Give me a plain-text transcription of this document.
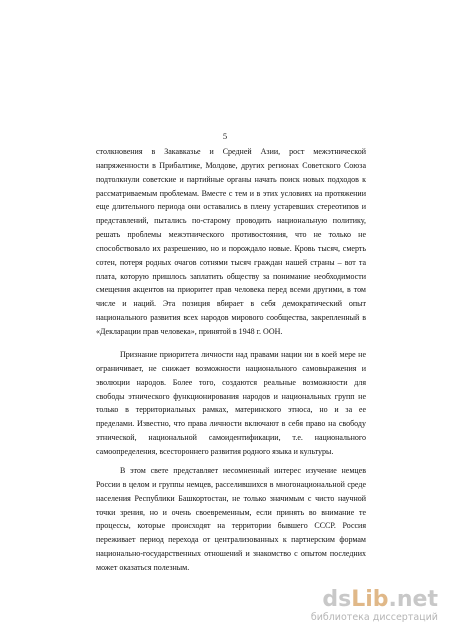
5
столкновения в Закавказье и Средней Азии, рост межэтнической
напряженности в Прибалтике, Молдове, других регионах Советского Союза
подтолкнули советские и партийные органы начать поиск новых подходов к
рассматриваемым проблемам. Вместе с тем и в этих условиях на протяжении
еще длительного периода они оставались в плену устаревших стереотипов и
представлений, пытались по-старому проводить национальную политику,
решать проблемы межэтнического противостояния, что не только не
способствовало их разрешению, но и порождало новые. Кровь тысяч, смерть
сотен, потеря родных очагов сотнями тысяч граждан нашей страны – вот та
плата, которую пришлось заплатить обществу за понимание необходимости
смещения акцентов на приоритет прав человека перед всеми другими, в том
числе и наций. Эта позиция вбирает в себя демократический опыт
национального развития всех народов мирового сообщества, закрепленный в
«Декларации прав человека», принятой в 1948 г. ООН.
Признание приоритета личности над правами нации ни в коей мере не
ограничивает, не снижает возможности национального самовыражения и
эволюции народов. Более того, создаются реальные возможности для
свободы этнического функционирования народов и национальных групп не
только в территориальных рамках, материнского этноса, но и за ее
пределами. Известно, что права личности включают в себя право на свободу
этнической, национальной самоидентификации, т.е. национального
самоопределения, всестороннего развития родного языка и культуры.
В этом свете представляет несомненный интерес изучение немцев
России в целом и группы немцев, расселившихся в многонациональной среде
населения Республики Башкортостан, не только значимым с чисто научной
точки зрения, но и очень своевременным, если принять во внимание те
процессы, которые происходят на территории бывшего СССР. Россия
переживает период перехода от централизованных к партнерским формам
национально-государственных отношений и знакомство с опытом последних
может оказаться полезным.
dsLib.net
библиотека диссертаций
